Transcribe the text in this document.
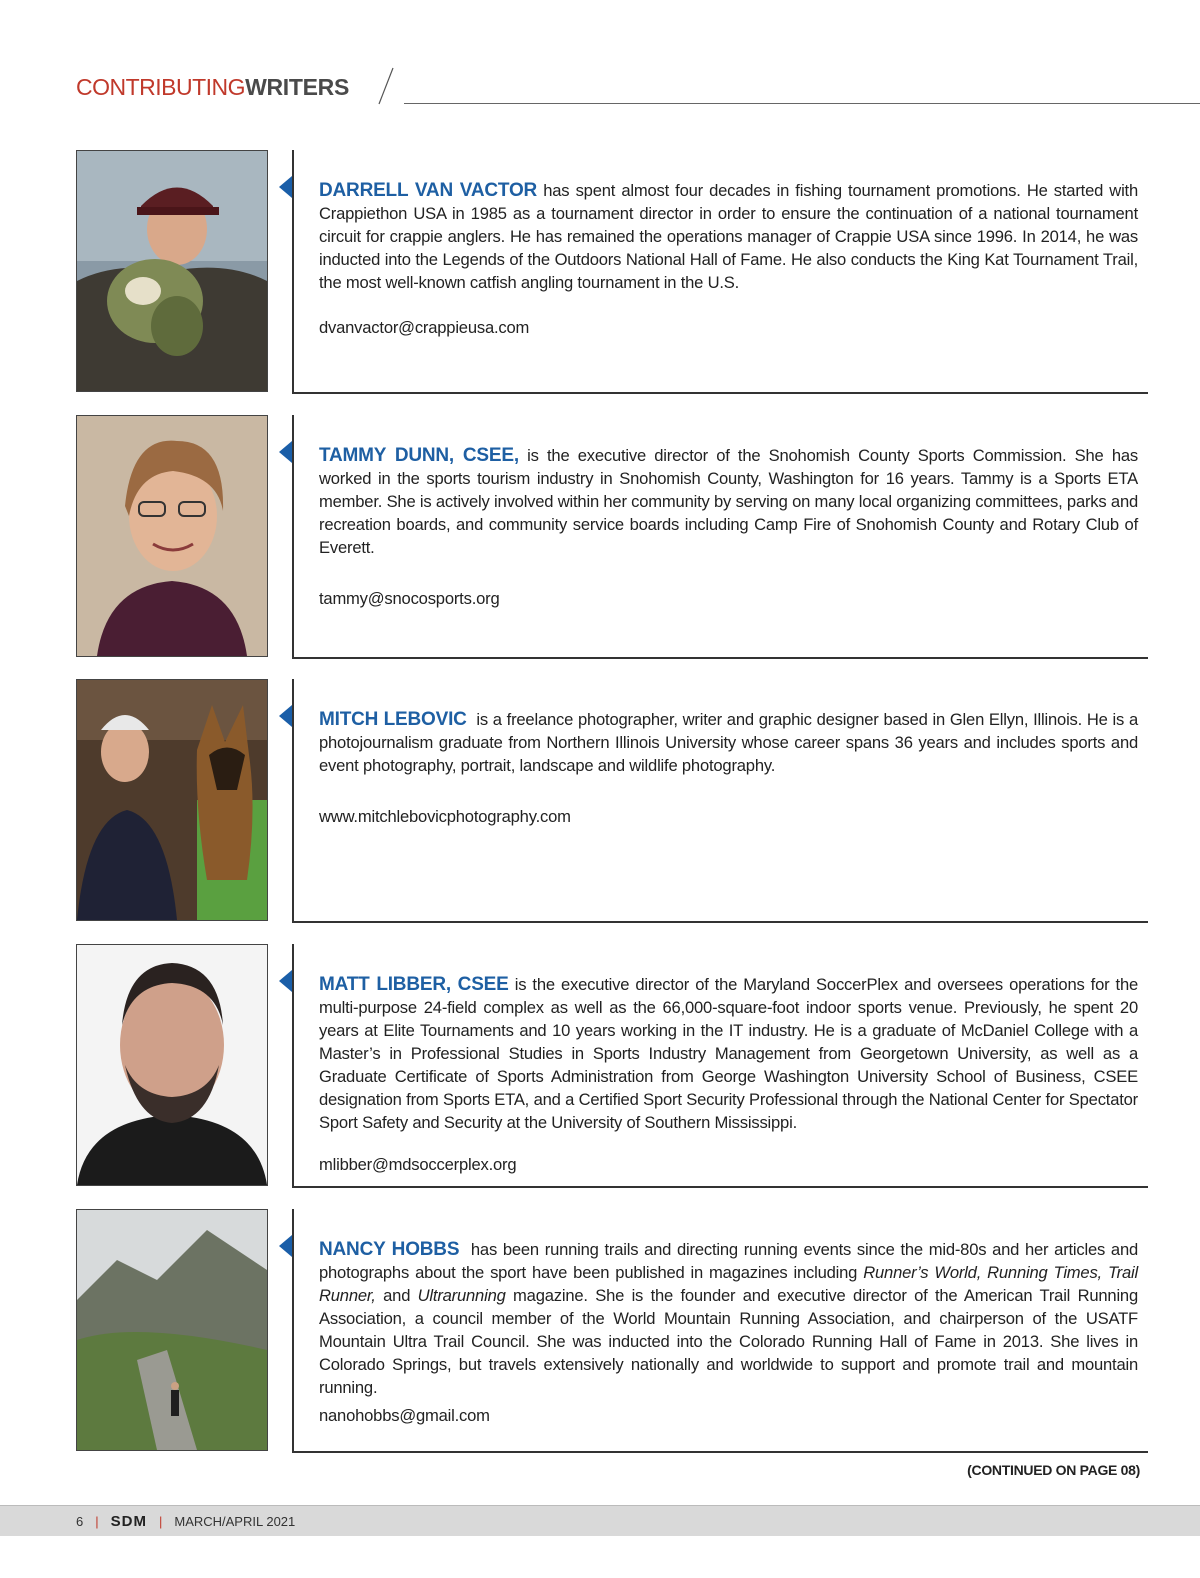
CONTRIBUTINGWRITERS
DARRELL VAN VACTOR has spent almost four decades in fishing tournament promotions. He started with Crappiethon USA in 1985 as a tournament director in order to ensure the continuation of a national tournament circuit for crappie anglers. He has remained the operations manager of Crappie USA since 1996. In 2014, he was inducted into the Legends of the Outdoors National Hall of Fame. He also conducts the King Kat Tournament Trail, the most well-known catfish angling tournament in the U.S.
dvanvactor@crappieusa.com
TAMMY DUNN, CSEE, is the executive director of the Snohomish County Sports Commission. She has worked in the sports tourism industry in Snohomish County, Washington for 16 years. Tammy is a Sports ETA member. She is actively involved within her community by serving on many local organizing committees, parks and recreation boards, and community service boards including Camp Fire of Snohomish County and Rotary Club of Everett.
tammy@snocosports.org
MITCH LEBOVIC is a freelance photographer, writer and graphic designer based in Glen Ellyn, Illinois. He is a photojournalism graduate from Northern Illinois University whose career spans 36 years and includes sports and event photography, portrait, landscape and wildlife photography.
www.mitchlebovicphotography.com
MATT LIBBER, CSEE is the executive director of the Maryland SoccerPlex and oversees operations for the multi-purpose 24-field complex as well as the 66,000-square-foot indoor sports venue. Previously, he spent 20 years at Elite Tournaments and 10 years working in the IT industry. He is a graduate of McDaniel College with a Master’s in Professional Studies in Sports Industry Management from Georgetown University, as well as a Graduate Certificate of Sports Administration from George Washington University School of Business, CSEE designation from Sports ETA, and a Certified Sport Security Professional through the National Center for Spectator Sport Safety and Security at the University of Southern Mississippi.
mlibber@mdsoccerplex.org
NANCY HOBBS has been running trails and directing running events since the mid-80s and her articles and photographs about the sport have been published in magazines including Runner’s World, Running Times, Trail Runner, and Ultrarunning magazine. She is the founder and executive director of the American Trail Running Association, a council member of the World Mountain Running Association, and chairperson of the USATF Mountain Ultra Trail Council. She was inducted into the Colorado Running Hall of Fame in 2013. She lives in Colorado Springs, but travels extensively nationally and worldwide to support and promote trail and mountain running.
nanohobbs@gmail.com
(CONTINUED ON PAGE 08)
6 | SDM | MARCH/APRIL 2021
